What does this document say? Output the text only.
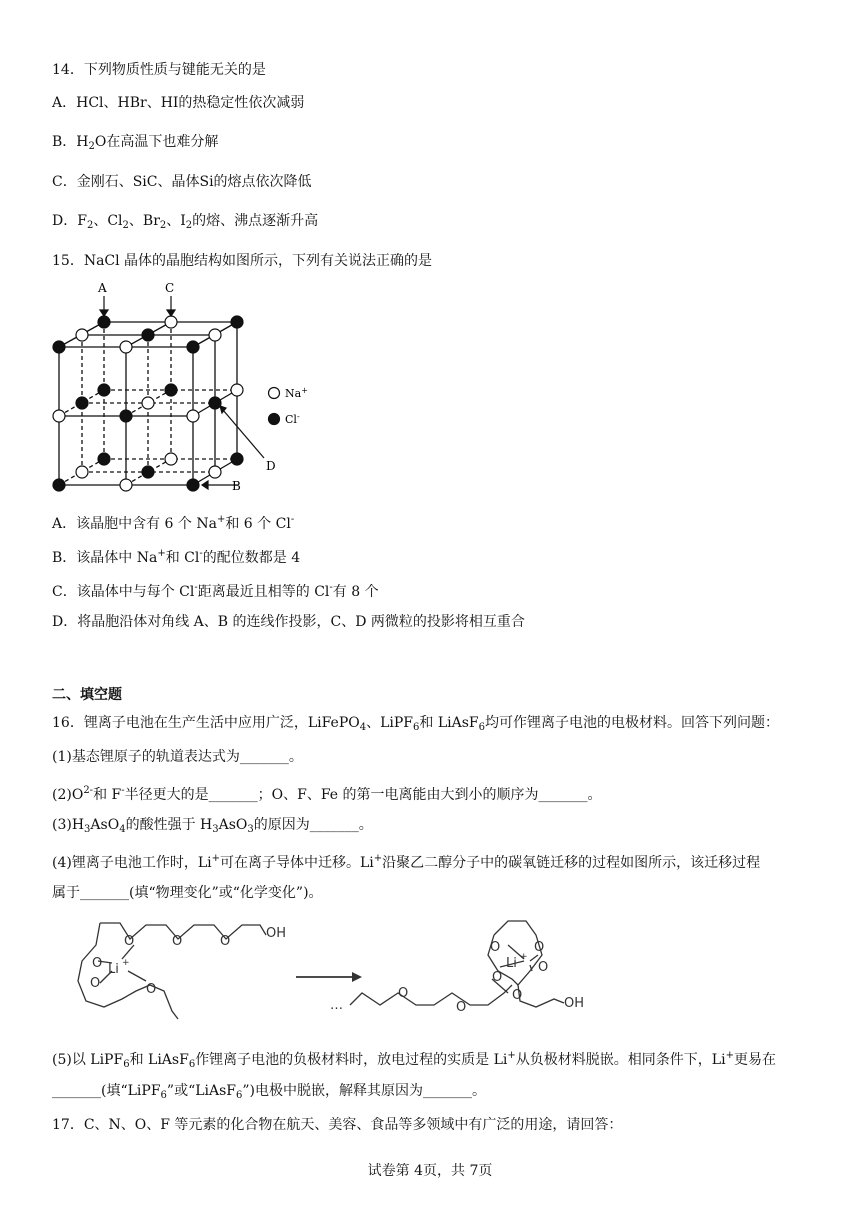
14．下列物质性质与键能无关的是
A．HCl、HBr、HI的热稳定性依次减弱
B．$H_2O$在高温下也难分解
C．金刚石、SiC、晶体Si的熔点依次降低
D．$F_2$、$Cl_2$、$Br_2$、$I_2$的熔、沸点逐渐升高
15．NaCl 晶体的晶胞结构如图所示，下列有关说法正确的是
A	C
D
B
Na+
Cl-
A．该晶胞中含有 6 个 Na+和 6 个 Cl-
B．该晶体中 Na+和 Cl-的配位数都是 4
C．该晶体中与每个 Cl-距离最近且相等的 Cl-有 8 个
D．将晶胞沿体对角线 A、B 的连线作投影，C、D 两微粒的投影将相互重合
二、填空题
16．锂离子电池在生产生活中应用广泛，LiFePO$_4$、LiPF$_6$和 LiAsF$_6$均可作锂离子电池的电极材料。回答下列问题：
(1)基态锂原子的轨道表达式为_______。
$(2)O^{2-}$和 F-半径更大的是_______；O、F、Fe 的第一电离能由大到小的顺序为_______。
$(3)H_3AsO_4$的酸性强于 $H_3AsO_3$的原因为_______。
(4)锂离子电池工作时，Li+可在离子导体中迁移。Li+沿聚乙二醇分子中的碳氧链迁移的过程如图所示，该迁移过程
属于_______(填“物理变化”或“化学变化”)。
O
O	O	O
O	O
Li +
OH
O	O
O
O
Li +
O
O
O
OH
…
(5)以 LiPF$_6$和 LiAsF$_6$作锂离子电池的负极材料时，放电过程的实质是 Li+从负极材料脱嵌。相同条件下，Li+更易在
_______(填“LiPF$_6$”或“LiAsF$_6$”)电极中脱嵌，解释其原因为_______。
17．C、N、O、F 等元素的化合物在航天、美容、食品等多领域中有广泛的用途，请回答：
试卷第 4页，共 7页
